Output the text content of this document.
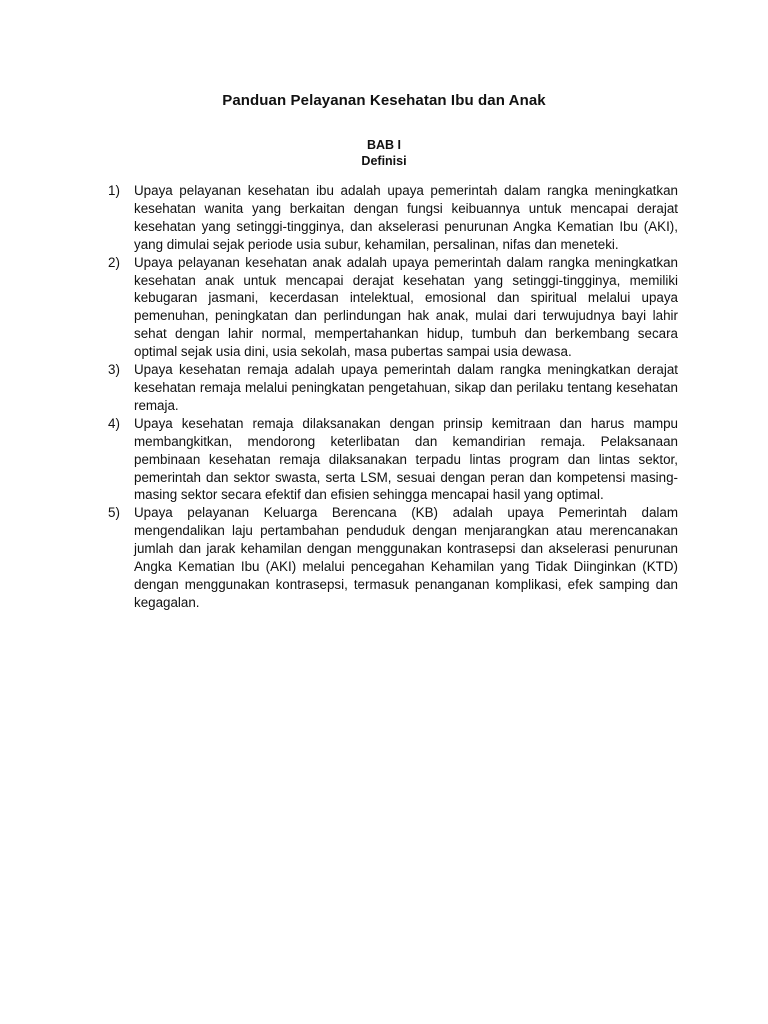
Panduan Pelayanan Kesehatan Ibu dan Anak
BAB I
Definisi
1) Upaya pelayanan kesehatan ibu adalah upaya pemerintah dalam rangka meningkatkan kesehatan wanita yang berkaitan dengan fungsi keibuannya untuk mencapai derajat kesehatan yang setinggi-tingginya, dan akselerasi penurunan Angka Kematian Ibu (AKI), yang dimulai sejak periode usia subur, kehamilan, persalinan, nifas dan meneteki.
2) Upaya pelayanan kesehatan anak adalah upaya pemerintah dalam rangka meningkatkan kesehatan anak untuk mencapai derajat kesehatan yang setinggi-tingginya, memiliki kebugaran jasmani, kecerdasan intelektual, emosional dan spiritual melalui upaya pemenuhan, peningkatan dan perlindungan hak anak, mulai dari terwujudnya bayi lahir sehat dengan lahir normal, mempertahankan hidup, tumbuh dan berkembang secara optimal sejak usia dini, usia sekolah, masa pubertas sampai usia dewasa.
3) Upaya kesehatan remaja adalah upaya pemerintah dalam rangka meningkatkan derajat kesehatan remaja melalui peningkatan pengetahuan, sikap dan perilaku tentang kesehatan remaja.
4) Upaya kesehatan remaja dilaksanakan dengan prinsip kemitraan dan harus mampu membangkitkan, mendorong keterlibatan dan kemandirian remaja. Pelaksanaan pembinaan kesehatan remaja dilaksanakan terpadu lintas program dan lintas sektor, pemerintah dan sektor swasta, serta LSM, sesuai dengan peran dan kompetensi masing-masing sektor secara efektif dan efisien sehingga mencapai hasil yang optimal.
5) Upaya pelayanan Keluarga Berencana (KB) adalah upaya Pemerintah dalam mengendalikan laju pertambahan penduduk dengan menjarangkan atau merencanakan jumlah dan jarak kehamilan dengan menggunakan kontrasepsi dan akselerasi penurunan Angka Kematian Ibu (AKI) melalui pencegahan Kehamilan yang Tidak Diinginkan (KTD) dengan menggunakan kontrasepsi, termasuk penanganan komplikasi, efek samping dan kegagalan.
